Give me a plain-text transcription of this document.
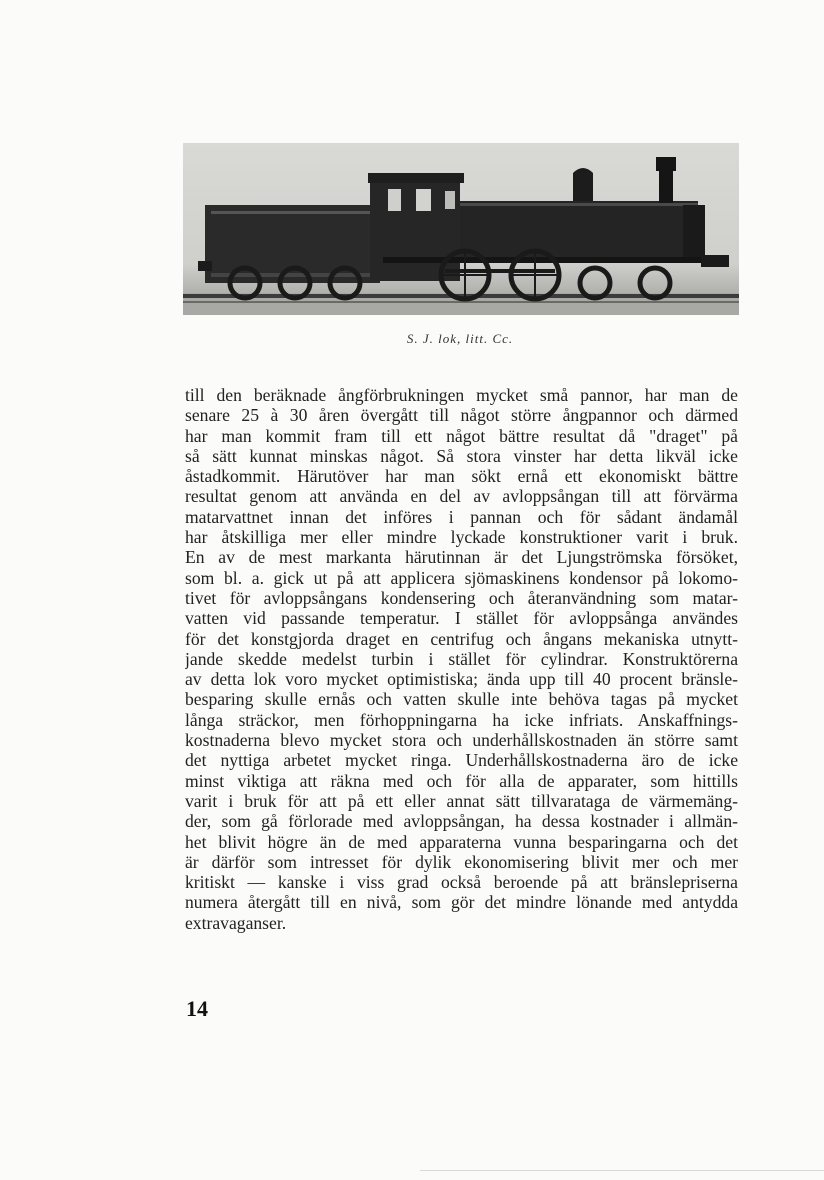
S. J. lok, litt. Cc.
till den beräknade ångförbrukningen mycket små pannor, har man de
senare 25 à 30 åren övergått till något större ångpannor och därmed
har man kommit fram till ett något bättre resultat då "draget" på
så sätt kunnat minskas något. Så stora vinster har detta likväl icke
åstadkommit. Härutöver har man sökt ernå ett ekonomiskt bättre
resultat genom att använda en del av avloppsångan till att förvärma
matarvattnet innan det införes i pannan och för sådant ändamål
har åtskilliga mer eller mindre lyckade konstruktioner varit i bruk.
En av de mest markanta härutinnan är det Ljungströmska försöket,
som bl. a. gick ut på att applicera sjömaskinens kondensor på lokomo-
tivet för avloppsångans kondensering och återanvändning som matar-
vatten vid passande temperatur. I stället för avloppsånga användes
för det konstgjorda draget en centrifug och ångans mekaniska utnytt-
jande skedde medelst turbin i stället för cylindrar. Konstruktörerna
av detta lok voro mycket optimistiska; ända upp till 40 procent bränsle-
besparing skulle ernås och vatten skulle inte behöva tagas på mycket
långa sträckor, men förhoppningarna ha icke infriats. Anskaffnings-
kostnaderna blevo mycket stora och underhållskostnaden än större samt
det nyttiga arbetet mycket ringa. Underhållskostnaderna äro de icke
minst viktiga att räkna med och för alla de apparater, som hittills
varit i bruk för att på ett eller annat sätt tillvarataga de värmemäng-
der, som gå förlorade med avloppsångan, ha dessa kostnader i allmän-
het blivit högre än de med apparaterna vunna besparingarna och det
är därför som intresset för dylik ekonomisering blivit mer och mer
kritiskt — kanske i viss grad också beroende på att bränslepriserna
numera återgått till en nivå, som gör det mindre lönande med antydda
extravaganser.
14
